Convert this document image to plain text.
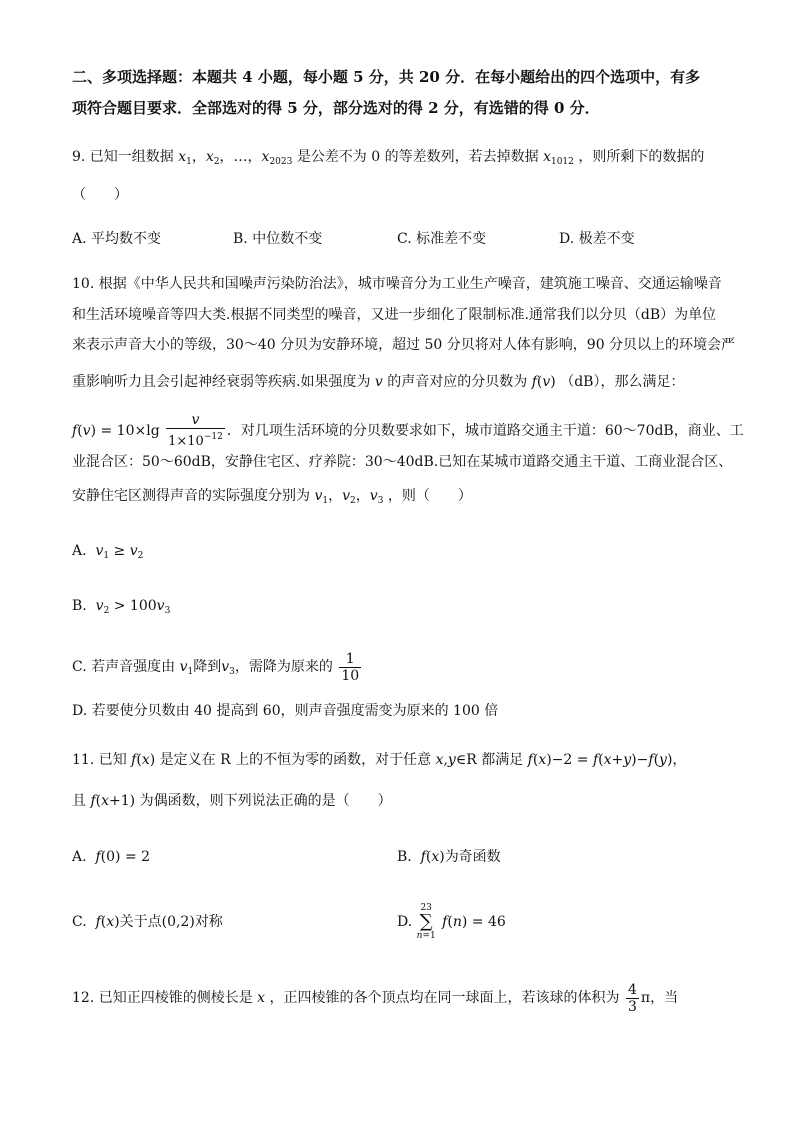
二、多项选择题：本题共 4 小题，每小题 5 分，共 20 分．在每小题给出的四个选项中，有多
项符合题目要求．全部选对的得 5 分，部分选对的得 2 分，有选错的得 0 分．
9. 已知一组数据 $x_1$，$x_2$，…，$x_{2023}$ 是公差不为 0 的等差数列，若去掉数据 $x_{1012}$ ，则所剩下的数据的
（　　）
A. 平均数不变	B. 中位数不变	C. 标准差不变	D. 极差不变
10. 根据《中华人民共和国噪声污染防治法》，城市噪音分为工业生产噪音，建筑施工噪音、交通运输噪音
和生活环境噪音等四大类.根据不同类型的噪音，又进一步细化了限制标准.通常我们以分贝（dB）为单位
来表示声音大小的等级，30～40 分贝为安静环境，超过 50 分贝将对人体有影响，90 分贝以上的环境会严
重影响听力且会引起神经衰弱等疾病.如果强度为 v 的声音对应的分贝数为 f(v) （dB），那么满足：
$f(v) = 10\times\lg \frac{v}{1\times 10^{-12}}$ ．对几项生活环境的分贝数要求如下，城市道路交通主干道：60～70dB，商业、工
业混合区：50～60dB，安静住宅区、疗养院：30～40dB.已知在某城市道路交通主干道、工商业混合区、
安静住宅区测得声音的实际强度分别为 $v_1$，$v_2$，$v_3$ ，则（　　）
A.  $v_1 \ge v_2$
B.  $v_2 > 100v_3$
C. 若声音强度由 $v_1$降到$v_3$，需降为原来的 $\frac{1}{10}$
D. 若要使分贝数由 40 提高到 60，则声音强度需变为原来的 100 倍
11. 已知 f(x) 是定义在 R 上的不恒为零的函数，对于任意 x,y∈R 都满足 f(x)−2 = f(x+y)−f(y)，
且 f(x+1) 为偶函数，则下列说法正确的是（　　）
A.  f(0) = 2	B.  f(x)为奇函数
C.  f(x)关于点(0,2)对称	D. 23
∑
n=1 f(n) = 46
12. 已知正四棱锥的侧棱长是 x ，正四棱锥的各个顶点均在同一球面上，若该球的体积为 $\frac{4}{3}$ π，当
